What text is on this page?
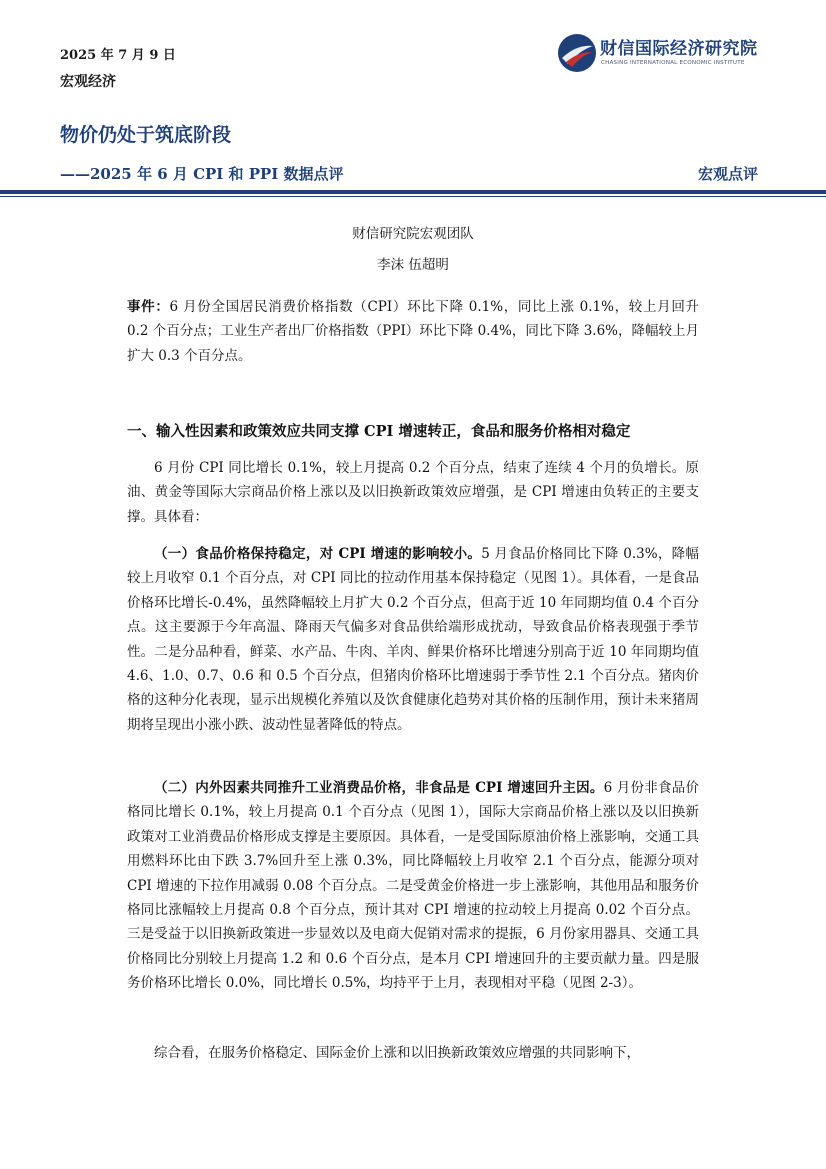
2025 年 7 月 9 日
宏观经济
财信国际经济研究院
CHASING INTERNATIONAL ECONOMIC INSTITUTE
物价仍处于筑底阶段
——2025 年 6 月 CPI 和 PPI 数据点评	宏观点评
财信研究院宏观团队
李沫 伍超明

事件：6 月份全国居民消费价格指数（CPI）环比下降 0.1%，同比上涨 0.1%，较上月回升 0.2 个百分点；工业生产者出厂价格指数（PPI）环比下降 0.4%，同比下降 3.6%，降幅较上月扩大 0.3 个百分点。

一、输入性因素和政策效应共同支撑 CPI 增速转正，食品和服务价格相对稳定

6 月份 CPI 同比增长 0.1%，较上月提高 0.2 个百分点，结束了连续 4 个月的负增长。原油、黄金等国际大宗商品价格上涨以及以旧换新政策效应增强，是 CPI 增速由负转正的主要支撑。具体看：

（一）食品价格保持稳定，对 CPI 增速的影响较小。5 月食品价格同比下降 0.3%，降幅较上月收窄 0.1 个百分点，对 CPI 同比的拉动作用基本保持稳定（见图 1）。具体看，一是食品价格环比增长-0.4%，虽然降幅较上月扩大 0.2 个百分点，但高于近 10 年同期均值 0.4 个百分点。这主要源于今年高温、降雨天气偏多对食品供给端形成扰动，导致食品价格表现强于季节性。二是分品种看，鲜菜、水产品、牛肉、羊肉、鲜果价格环比增速分别高于近 10 年同期均值 4.6、1.0、0.7、0.6 和 0.5 个百分点，但猪肉价格环比增速弱于季节性 2.1 个百分点。猪肉价格的这种分化表现，显示出规模化养殖以及饮食健康化趋势对其价格的压制作用，预计未来猪周期将呈现出小涨小跌、波动性显著降低的特点。

（二）内外因素共同推升工业消费品价格，非食品是 CPI 增速回升主因。6 月份非食品价格同比增长 0.1%，较上月提高 0.1 个百分点（见图 1），国际大宗商品价格上涨以及以旧换新政策对工业消费品价格形成支撑是主要原因。具体看，一是受国际原油价格上涨影响，交通工具用燃料环比由下跌 3.7%回升至上涨 0.3%，同比降幅较上月收窄 2.1 个百分点，能源分项对 CPI 增速的下拉作用减弱 0.08 个百分点。二是受黄金价格进一步上涨影响，其他用品和服务价格同比涨幅较上月提高 0.8 个百分点，预计其对 CPI 增速的拉动较上月提高 0.02 个百分点。三是受益于以旧换新政策进一步显效以及电商大促销对需求的提振，6 月份家用器具、交通工具价格同比分别较上月提高 1.2 和 0.6 个百分点，是本月 CPI 增速回升的主要贡献力量。四是服务价格环比增长 0.0%，同比增长 0.5%，均持平于上月，表现相对平稳（见图 2-3）。

综合看，在服务价格稳定、国际金价上涨和以旧换新政策效应增强的共同影响下，
